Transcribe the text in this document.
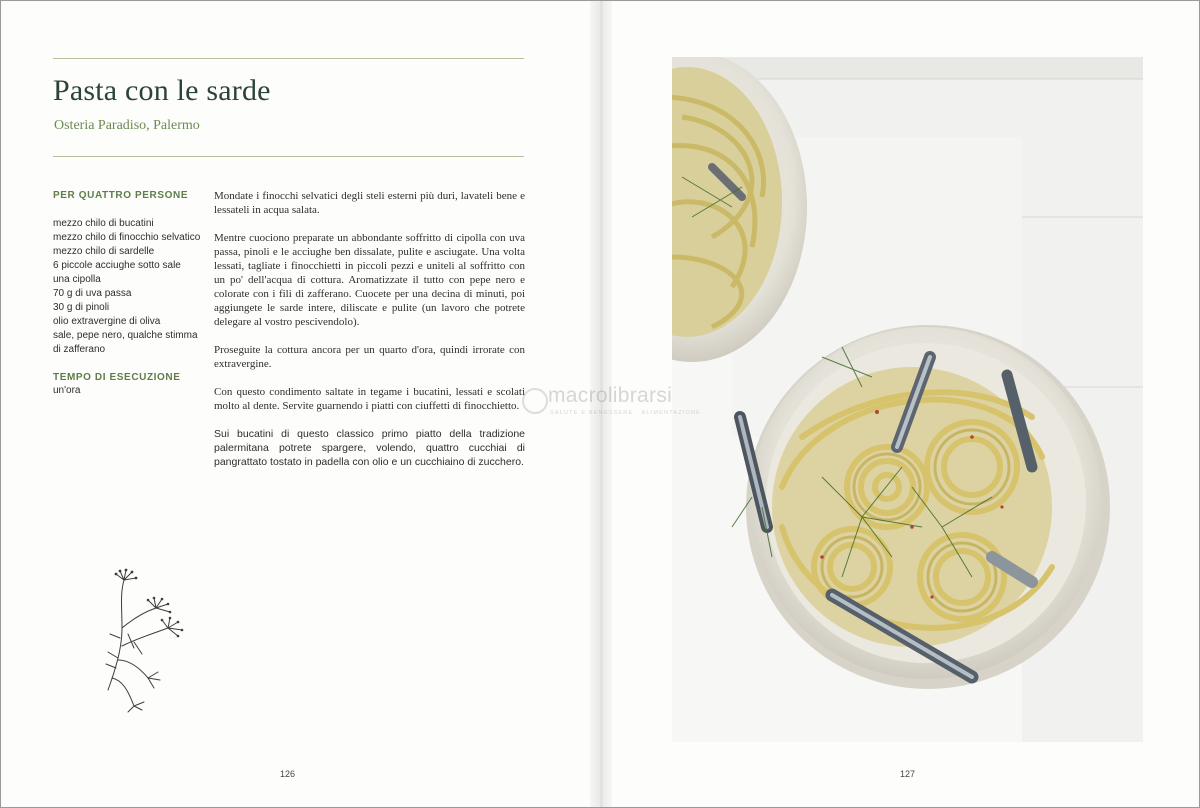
Pasta con le sarde
Osteria Paradiso, Palermo
PER QUATTRO PERSONE
mezzo chilo di bucatini
mezzo chilo di finocchio selvatico
mezzo chilo di sardelle
6 piccole acciughe sotto sale
una cipolla
70 g di uva passa
30 g di pinoli
olio extravergine di oliva
sale, pepe nero, qualche stimma
di zafferano
TEMPO DI ESECUZIONE
un'ora

Mondate i finocchi selvatici degli steli esterni più duri, lavateli bene e lessateli in acqua salata.

Mentre cuociono preparate un abbondante soffritto di cipolla con uva passa, pinoli e le acciughe ben dissalate, pulite e asciugate. Una volta lessati, tagliate i finocchietti in piccoli pezzi e uniteli al soffritto con un po' dell'acqua di cottura. Aromatizzate il tutto con pepe nero e colorate con i fili di zafferano. Cuocete per una decina di minuti, poi aggiungete le sarde intere, diliscate e pulite (un lavoro che potrete delegare al vostro pescivendolo).

Proseguite la cottura ancora per un quarto d'ora, quindi irrorate con extravergine.

Con questo condimento saltate in tegame i bucatini, lessati e scolati molto al dente. Servite guarnendo i piatti con ciuffetti di finocchietto.

Sui bucatini di questo classico primo piatto della tradizione palermitana potrete spargere, volendo, quattro cucchiai di pangrattato tostato in padella con olio e un cucchiaino di zucchero.

126	127
macrolibrarsi
SALUTE E BENESSERE · ALIMENTAZIONE
